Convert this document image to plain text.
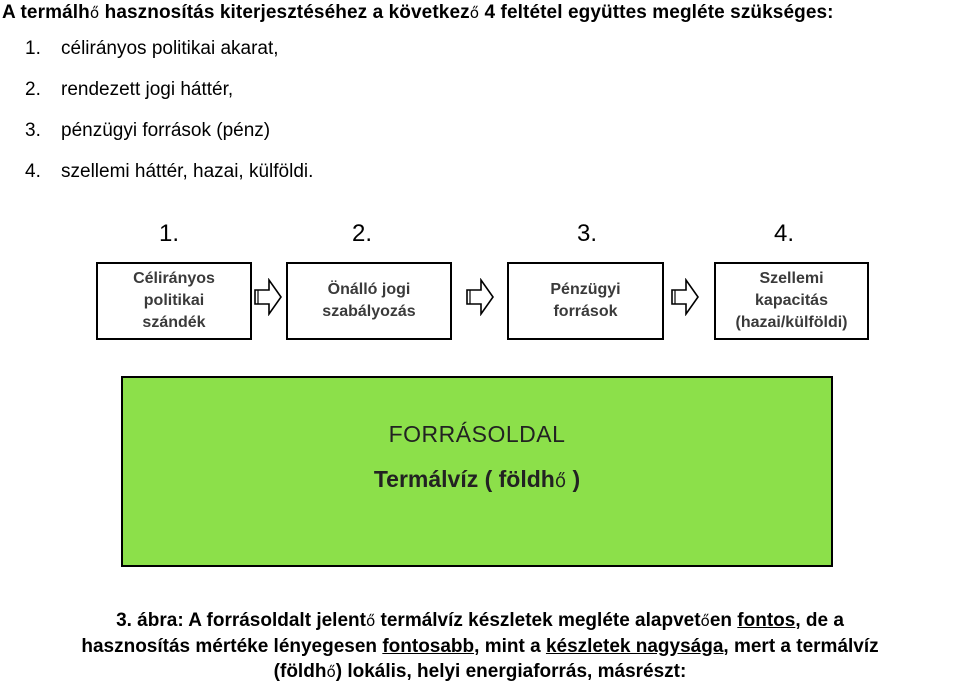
A termálhő hasznosítás kiterjesztéséhez a következő 4 feltétel együttes megléte szükséges:
1. célirányos politikai akarat,
2. rendezett jogi háttér,
3. pénzügyi források (pénz)
4. szellemi háttér, hazai, külföldi.
1.	2.	3.	4.
Célirányos
politikai
szándék
Önálló jogi
szabályozás
Pénzügyi
források
Szellemi
kapacitás
(hazai/külföldi)
FORRÁSOLDAL
Termálvíz ( földhő )
3. ábra: A forrásoldalt jelentő termálvíz készletek megléte alapvetően fontos, de a
hasznosítás mértéke lényegesen fontosabb, mint a készletek nagysága, mert a termálvíz
(földhő) lokális, helyi energiaforrás, másrészt:
